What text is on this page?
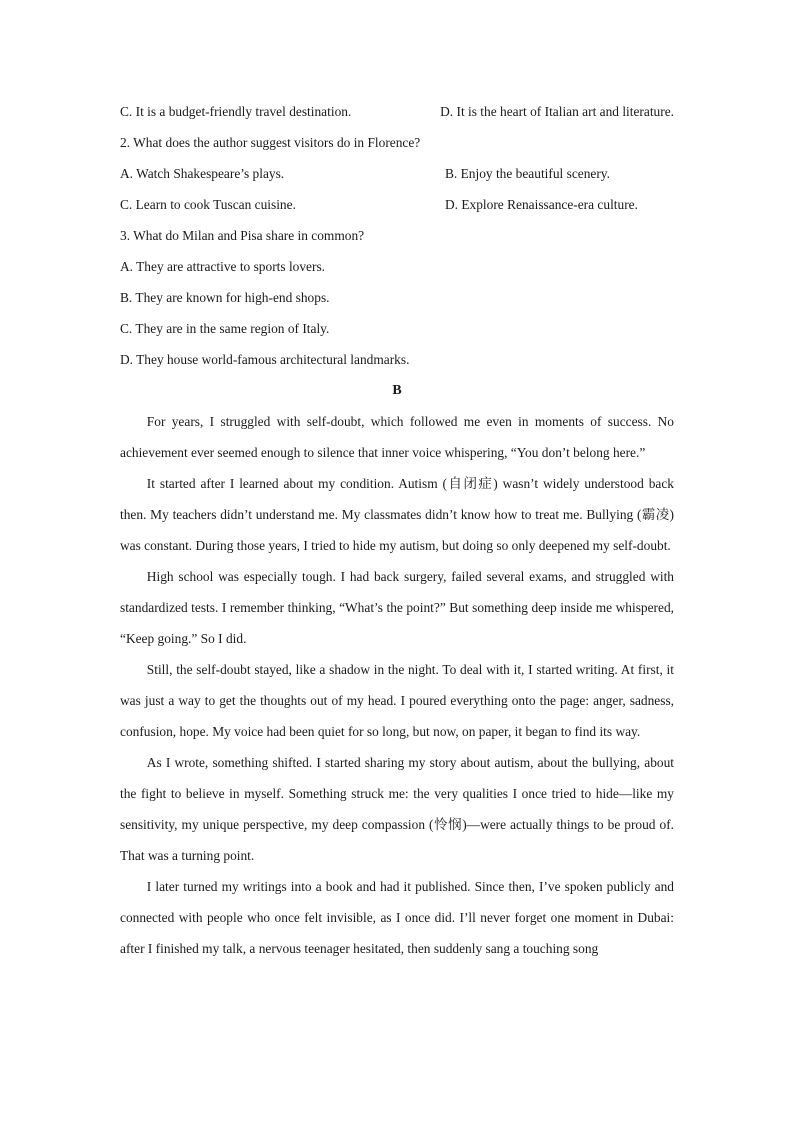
C. It is a budget-friendly travel destination.	D. It is the heart of Italian art and literature.
2. What does the author suggest visitors do in Florence?
A. Watch Shakespeare’s plays.	B. Enjoy the beautiful scenery.
C. Learn to cook Tuscan cuisine.	D. Explore Renaissance-era culture.
3. What do Milan and Pisa share in common?
A. They are attractive to sports lovers.
B. They are known for high-end shops.
C. They are in the same region of Italy.
D. They house world-famous architectural landmarks.
B

For years, I struggled with self-doubt, which followed me even in moments of success. No achievement ever seemed enough to silence that inner voice whispering, “You don’t belong here.”

It started after I learned about my condition. Autism (自闭症) wasn’t widely understood back then. My teachers didn’t understand me. My classmates didn’t know how to treat me. Bullying (霸凌) was constant. During those years, I tried to hide my autism, but doing so only deepened my self-doubt.

High school was especially tough. I had back surgery, failed several exams, and struggled with standardized tests. I remember thinking, “What’s the point?” But something deep inside me whispered, “Keep going.” So I did.

Still, the self-doubt stayed, like a shadow in the night. To deal with it, I started writing. At first, it was just a way to get the thoughts out of my head. I poured everything onto the page: anger, sadness, confusion, hope. My voice had been quiet for so long, but now, on paper, it began to find its way.

As I wrote, something shifted. I started sharing my story about autism, about the bullying, about the fight to believe in myself. Something struck me: the very qualities I once tried to hide—like my sensitivity, my unique perspective, my deep compassion (怜悯)—were actually things to be proud of. That was a turning point.

I later turned my writings into a book and had it published. Since then, I’ve spoken publicly and connected with people who once felt invisible, as I once did. I’ll never forget one moment in Dubai: after I finished my talk, a nervous teenager hesitated, then suddenly sang a touching song
